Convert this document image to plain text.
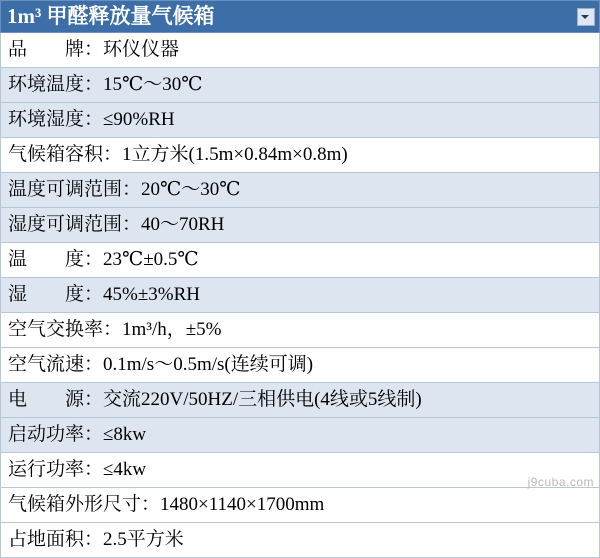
1m³ 甲醛释放量气候箱

品　　牌：环仪仪器
环境温度：15℃～30℃
环境湿度：≤90%RH
气候箱容积：1立方米(1.5m×0.84m×0.8m)
温度可调范围：20℃～30℃
湿度可调范围：40～70RH
温　　度：23℃±0.5℃
湿　　度：45%±3%RH
空气交换率：1m³/h，±5%
空气流速：0.1m/s～0.5m/s(连续可调)
电　　源：交流220V/50HZ/三相供电(4线或5线制)
启动功率：≤8kw
运行功率：≤4kw
气候箱外形尺寸：1480×1140×1700mm
占地面积：2.5平方米
j9cuba.com
